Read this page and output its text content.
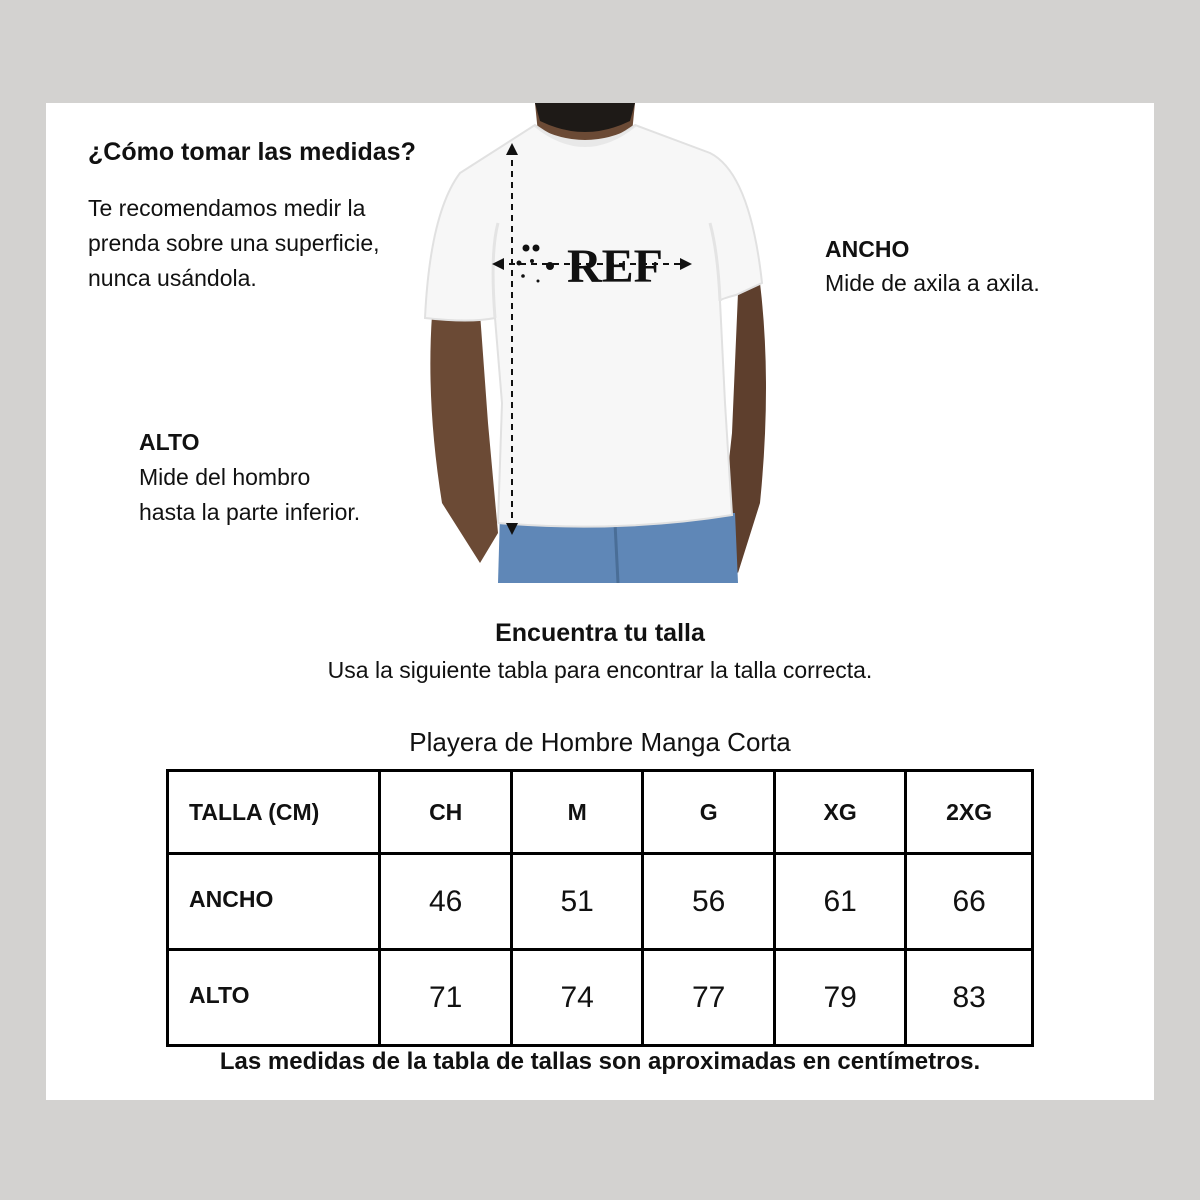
¿Cómo tomar las medidas?
Te recomendamos medir la
prenda sobre una superficie,
nunca usándola.	REF	ANCHO
Mide de axila a axila.
ALTO
Mide del hombro
hasta la parte inferior.
Encuentra tu talla
Usa la siguiente tabla para encontrar la talla correcta.
Playera de Hombre Manga Corta
TALLA (CM)	CH	M	G	XG	2XG
ANCHO	46	51	56	61	66
ALTO	71	74	77	79	83
Las medidas de la tabla de tallas son aproximadas en centímetros.
